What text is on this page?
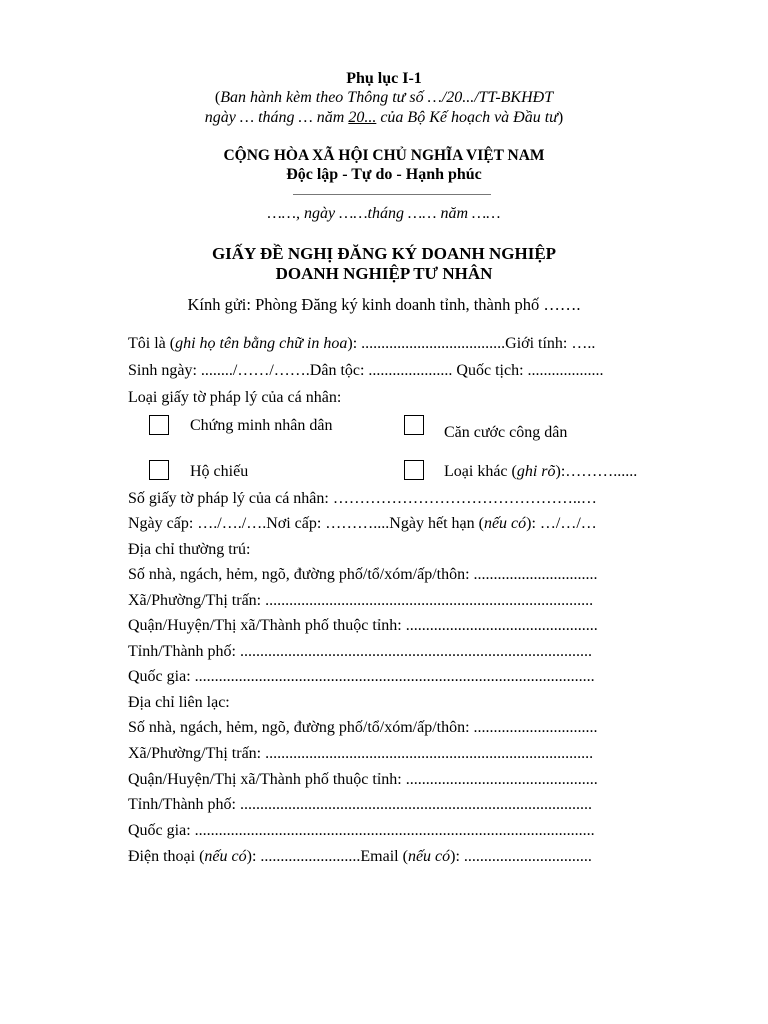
Phụ lục I-1
(Ban hành kèm theo Thông tư số …/20.../TT-BKHĐT
ngày … tháng … năm 20... của Bộ Kế hoạch và Đầu tư)
CỘNG HÒA XÃ HỘI CHỦ NGHĨA VIỆT NAM
Độc lập - Tự do - Hạnh phúc
……, ngày ……tháng …… năm ……
GIẤY ĐỀ NGHỊ ĐĂNG KÝ DOANH NGHIỆP
DOANH NGHIỆP TƯ NHÂN
Kính gửi: Phòng Đăng ký kinh doanh tỉnh, thành phố …….
Tôi là (ghi họ tên bằng chữ in hoa): ....................................Giới tính: …..
Sinh ngày: ......../……/…….Dân tộc: ..................... Quốc tịch: ...................
Loại giấy tờ pháp lý của cá nhân:
Chứng minh nhân dân	Căn cước công dân
Hộ chiếu	Loại khác (ghi rõ):………......
Số giấy tờ pháp lý của cá nhân: ………………………………………..…
Ngày cấp: …./…./….Nơi cấp: ………....Ngày hết hạn (nếu có): …/…/…
Địa chỉ thường trú:
Số nhà, ngách, hẻm, ngõ, đường phố/tổ/xóm/ấp/thôn: ...............................
Xã/Phường/Thị trấn: ..................................................................................
Quận/Huyện/Thị xã/Thành phố thuộc tỉnh: ................................................
Tỉnh/Thành phố: ........................................................................................
Quốc gia: ....................................................................................................
Địa chỉ liên lạc:
Số nhà, ngách, hẻm, ngõ, đường phố/tổ/xóm/ấp/thôn: ...............................
Xã/Phường/Thị trấn: ..................................................................................
Quận/Huyện/Thị xã/Thành phố thuộc tỉnh: ................................................
Tỉnh/Thành phố: ........................................................................................
Quốc gia: ....................................................................................................
Điện thoại (nếu có): .........................Email (nếu có): ................................
